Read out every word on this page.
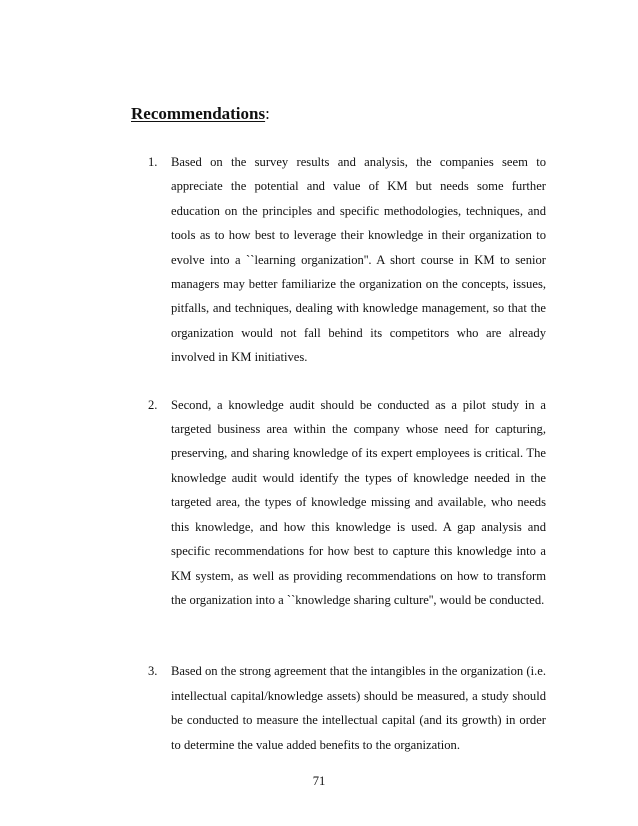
Recommendations:
1. Based on the survey results and analysis, the companies seem to appreciate the potential and value of KM but needs some further education on the principles and specific methodologies, techniques, and tools as to how best to leverage their knowledge in their organization to evolve into a ``learning organization''. A short course in KM to senior managers may better familiarize the organization on the concepts, issues, pitfalls, and techniques, dealing with knowledge management, so that the organization would not fall behind its competitors who are already involved in KM initiatives.
2. Second, a knowledge audit should be conducted as a pilot study in a targeted business area within the company whose need for capturing, preserving, and sharing knowledge of its expert employees is critical. The knowledge audit would identify the types of knowledge needed in the targeted area, the types of knowledge missing and available, who needs this knowledge, and how this knowledge is used. A gap analysis and specific recommendations for how best to capture this knowledge into a KM system, as well as providing recommendations on how to transform the organization into a ``knowledge sharing culture'', would be conducted.
3. Based on the strong agreement that the intangibles in the organization (i.e. intellectual capital/knowledge assets) should be measured, a study should be conducted to measure the intellectual capital (and its growth) in order to determine the value added benefits to the organization.
71
